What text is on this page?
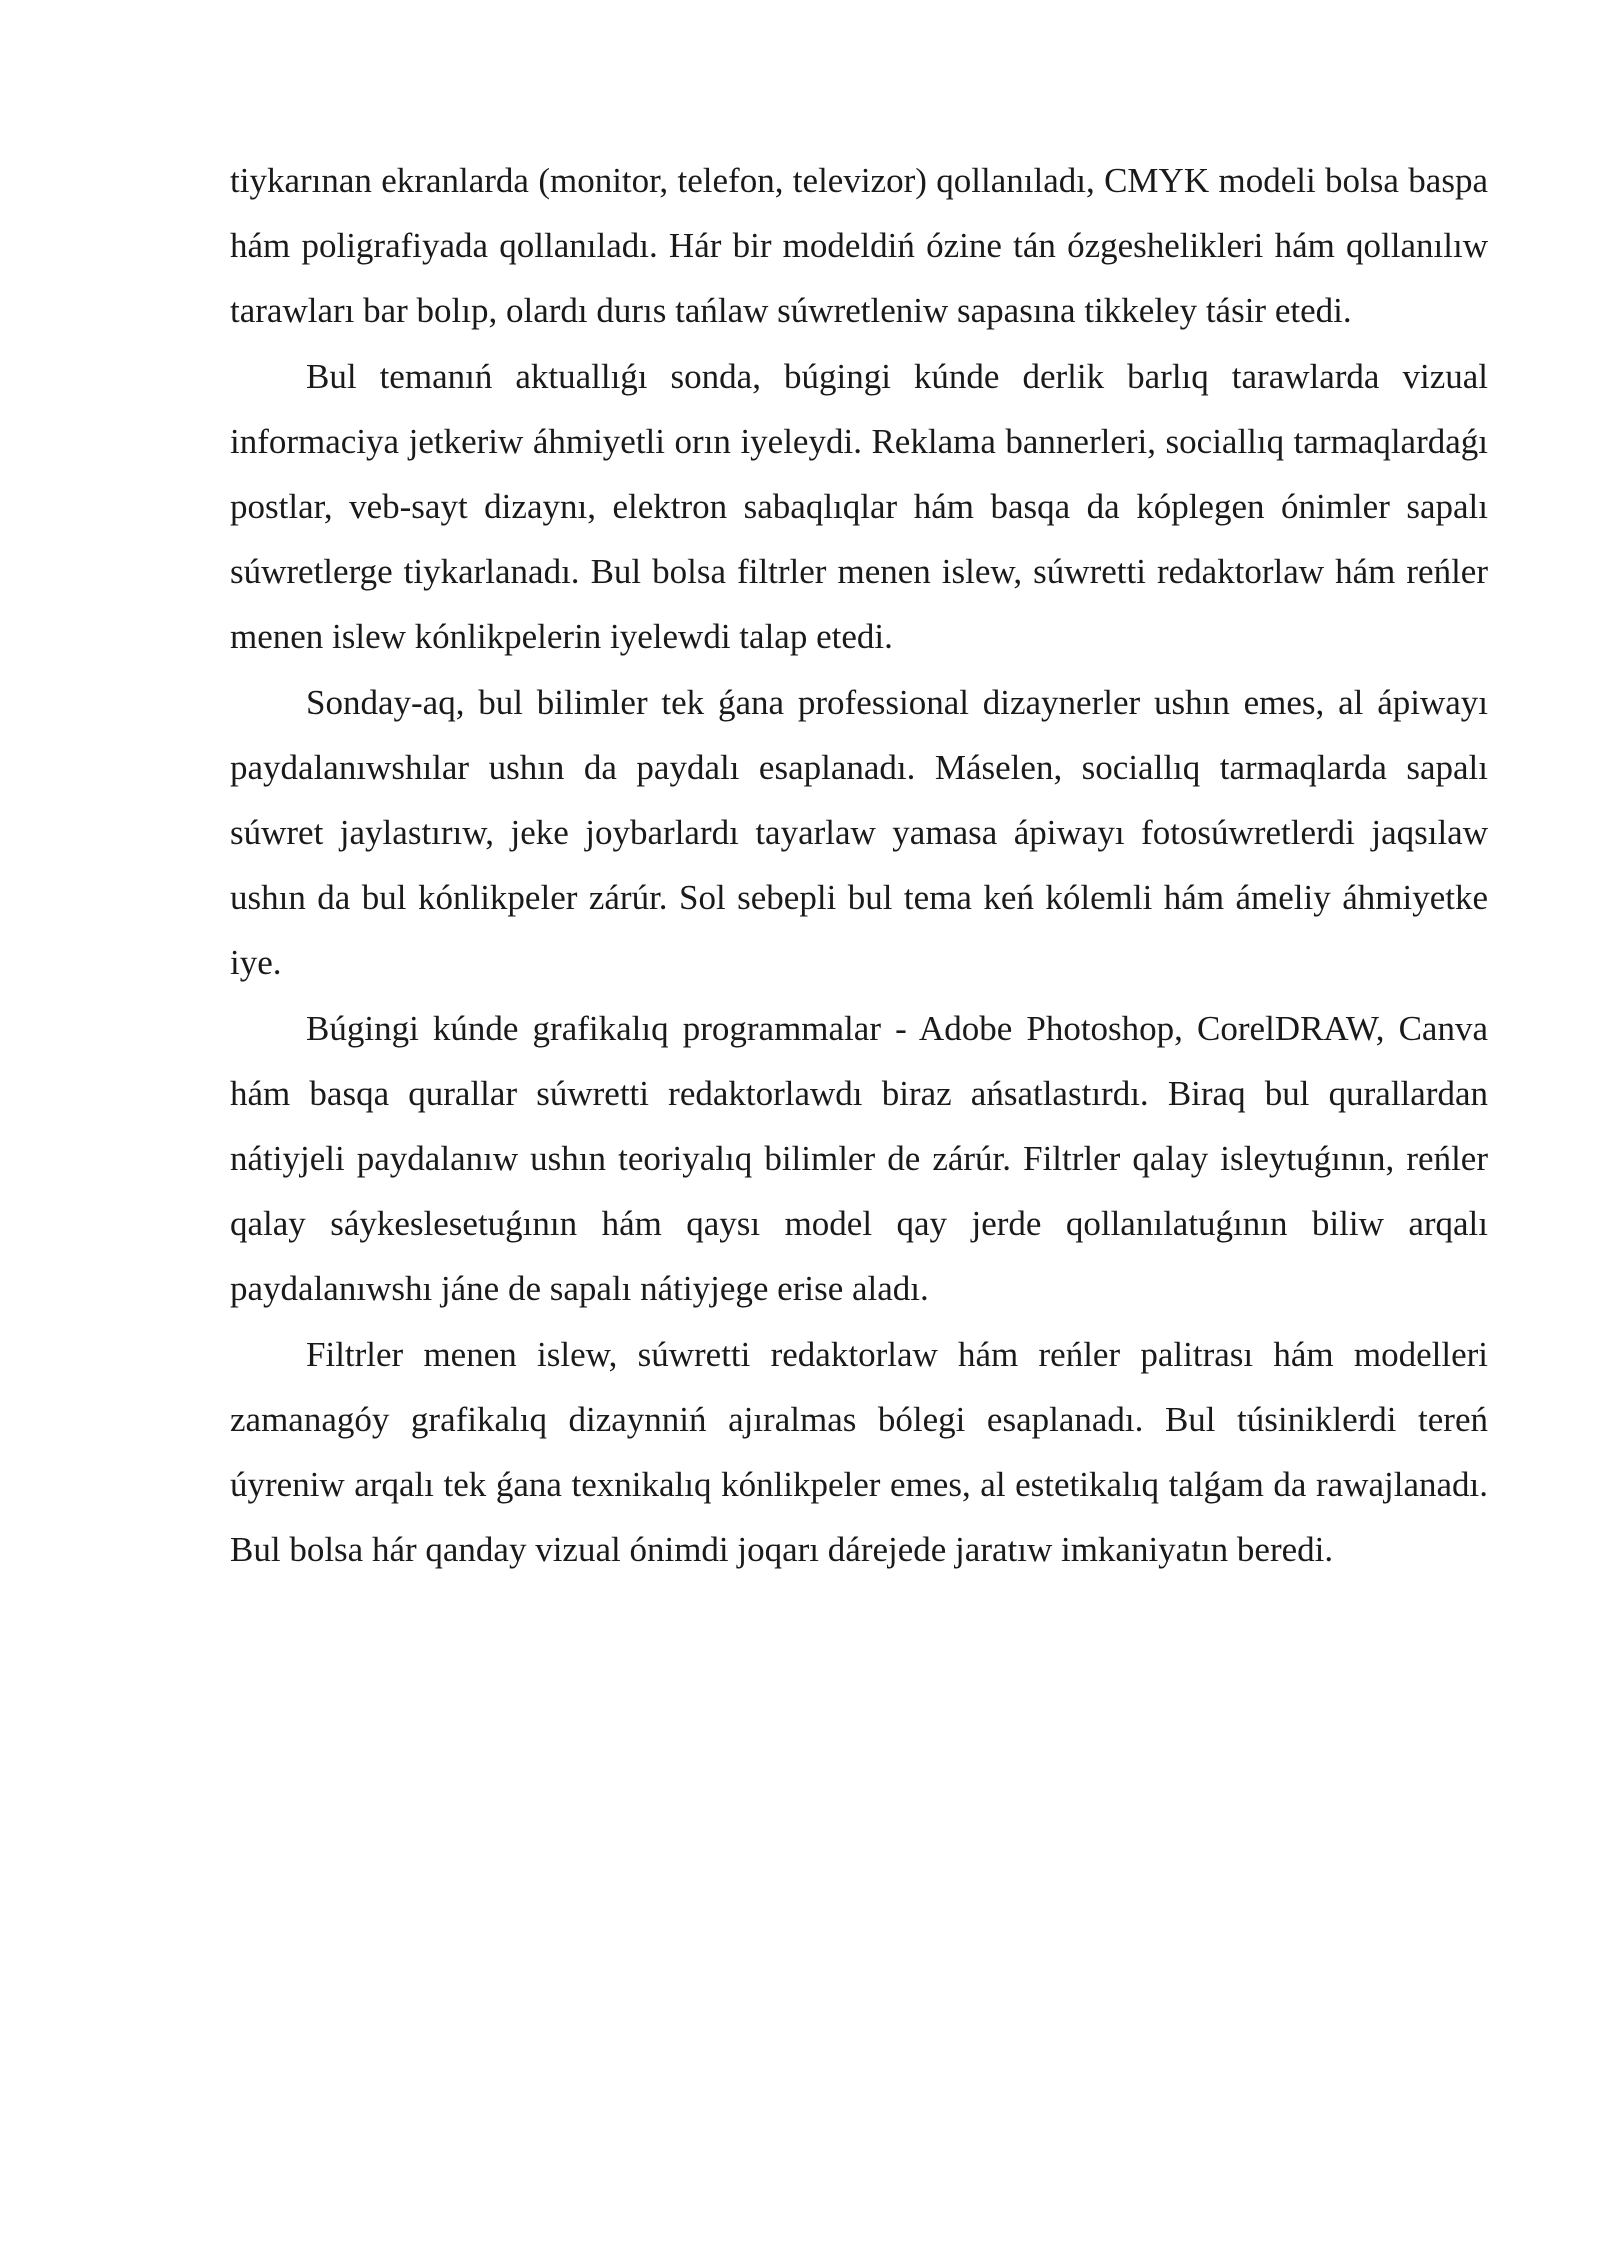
tiykarınan ekranlarda (monitor, telefon, televizor) qollanıladı, CMYK modeli bolsa baspa hám poligrafiyada qollanıladı. Hár bir modeldiń ózine tán ózgeshelikleri hám qollanılıw tarawları bar bolıp, olardı durıs tańlaw súwretleniw sapasına tikkeley tásir etedi.

Bul temanıń aktuallıǵı sonda, búgingi kúnde derlik barlıq tarawlarda vizual informaciya jetkeriw áhmiyetli orın iyeleydi. Reklama bannerleri, sociallıq tarmaqlardaǵı postlar, veb-sayt dizaynı, elektron sabaqlıqlar hám basqa da kóplegen ónimler sapalı súwretlerge tiykarlanadı. Bul bolsa filtrler menen islew, súwretti redaktorlaw hám reńler menen islew kónlikpelerin iyelewdi talap etedi.

Sonday-aq, bul bilimler tek ǵana professional dizaynerler ushın emes, al ápiwayı paydalanıwshılar ushın da paydalı esaplanadı. Máselen, sociallıq tarmaqlarda sapalı súwret jaylastırıw, jeke joybarlardı tayarlaw yamasa ápiwayı fotosúwretlerdi jaqsılaw ushın da bul kónlikpeler zárúr. Sol sebepli bul tema keń kólemli hám ámeliy áhmiyetke iye.

Búgingi kúnde grafikalıq programmalar - Adobe Photoshop, CorelDRAW, Canva hám basqa qurallar súwretti redaktorlawdı biraz ańsatlastırdı. Biraq bul qurallardan nátiyjeli paydalanıw ushın teoriyalıq bilimler de zárúr. Filtrler qalay isleytuǵının, reńler qalay sáykeslesetuǵının hám qaysı model qay jerde qollanılatuǵının biliw arqalı paydalanıwshı jáne de sapalı nátiyjege erise aladı.

Filtrler menen islew, súwretti redaktorlaw hám reńler palitrası hám modelleri zamanagóy grafikalıq dizaynniń ajıralmas bólegi esaplanadı. Bul túsiniklerdi tereń úyreniw arqalı tek ǵana texnikalıq kónlikpeler emes, al estetikalıq talǵam da rawajlanadı. Bul bolsa hár qanday vizual ónimdi joqarı dárejede jaratıw imkaniyatın beredi.
